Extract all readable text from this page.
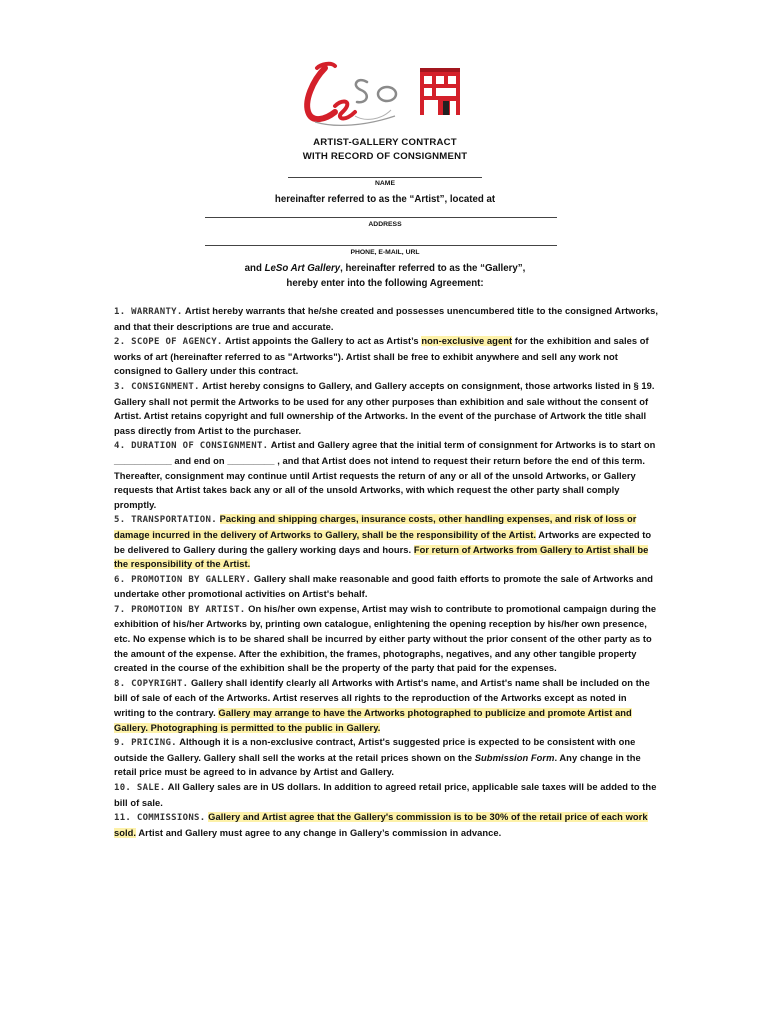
ARTIST-GALLERY CONTRACT
WITH RECORD OF CONSIGNMENT
NAME
hereinafter referred to as the “Artist”, located at
ADDRESS
PHONE, E-MAIL, URL
and LeSo Art Gallery, hereinafter referred to as the “Gallery”,
hereby enter into the following Agreement:

1. WARRANTY. Artist hereby warrants that he/she created and possesses unencumbered title to the consigned Artworks, and that their descriptions are true and accurate.

2. SCOPE OF AGENCY. Artist appoints the Gallery to act as Artist’s non-exclusive agent for the exhibition and sales of works of art (hereinafter referred to as "Artworks"). Artist shall be free to exhibit anywhere and sell any work not consigned to Gallery under this contract.

3. CONSIGNMENT. Artist hereby consigns to Gallery, and Gallery accepts on consignment, those artworks listed in § 19. Gallery shall not permit the Artworks to be used for any other purposes than exhibition and sale without the consent of Artist. Artist retains copyright and full ownership of the Artworks. In the event of the purchase of Artwork the title shall pass directly from Artist to the purchaser.

4. DURATION OF CONSIGNMENT. Artist and Gallery agree that the initial term of consignment for Artworks is to start on ___________ and end on _________ , and that Artist does not intend to request their return before the end of this term. Thereafter, consignment may continue until Artist requests the return of any or all of the unsold Artworks, or Gallery requests that Artist takes back any or all of the unsold Artworks, with which request the other party shall comply promptly.

5. TRANSPORTATION. Packing and shipping charges, insurance costs, other handling expenses, and risk of loss or damage incurred in the delivery of Artworks to Gallery, shall be the responsibility of the Artist. Artworks are expected to be delivered to Gallery during the gallery working days and hours. For return of Artworks from Gallery to Artist shall be the responsibility of the Artist.

6. PROMOTION BY GALLERY. Gallery shall make reasonable and good faith efforts to promote the sale of Artworks and undertake other promotional activities on Artist's behalf.

7. PROMOTION BY ARTIST. On his/her own expense, Artist may wish to contribute to promotional campaign during the exhibition of his/her Artworks by, printing own catalogue, enlightening the opening reception by his/her own presence, etc. No expense which is to be shared shall be incurred by either party without the prior consent of the other party as to the amount of the expense. After the exhibition, the frames, photographs, negatives, and any other tangible property created in the course of the exhibition shall be the property of the party that paid for the expenses.

8. COPYRIGHT. Gallery shall identify clearly all Artworks with Artist's name, and Artist's name shall be included on the bill of sale of each of the Artworks. Artist reserves all rights to the reproduction of the Artworks except as noted in writing to the contrary. Gallery may arrange to have the Artworks photographed to publicize and promote Artist and Gallery. Photographing is permitted to the public in Gallery.

9. PRICING. Although it is a non-exclusive contract, Artist's suggested price is expected to be consistent with one outside the Gallery. Gallery shall sell the works at the retail prices shown on the Submission Form. Any change in the retail price must be agreed to in advance by Artist and Gallery.

10. SALE. All Gallery sales are in US dollars. In addition to agreed retail price, applicable sale taxes will be added to the bill of sale.

11. COMMISSIONS. Gallery and Artist agree that the Gallery's commission is to be 30% of the retail price of each work sold. Artist and Gallery must agree to any change in Gallery’s commission in advance.
